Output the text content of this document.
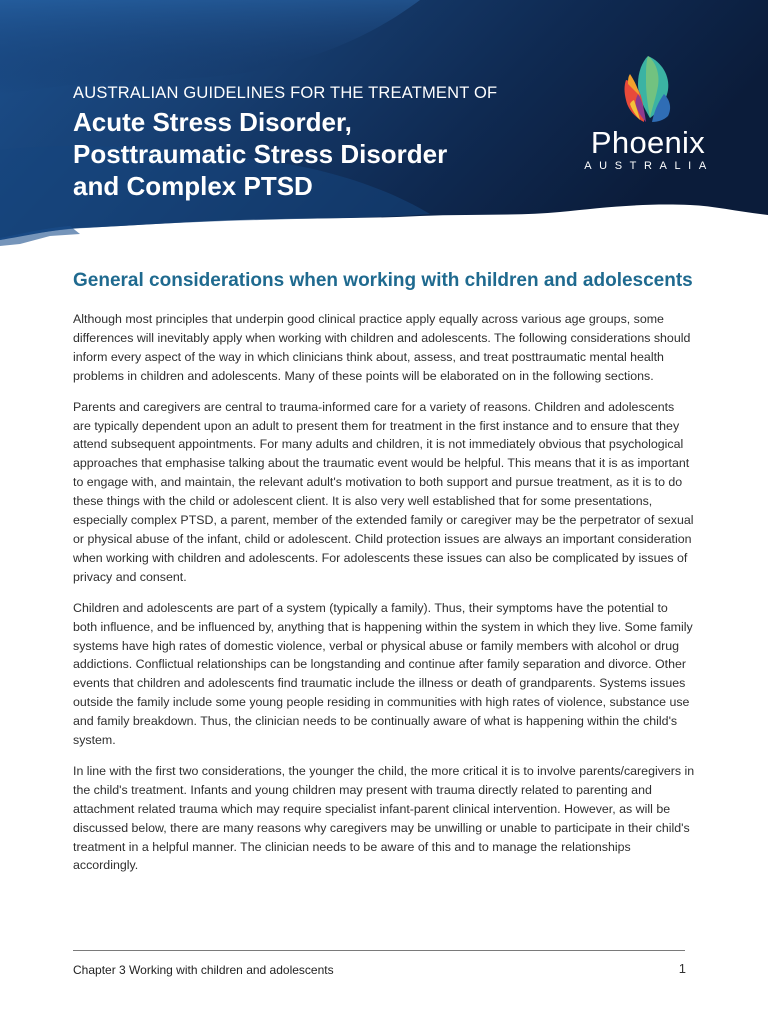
AUSTRALIAN GUIDELINES FOR THE TREATMENT OF
Acute Stress Disorder,
Posttraumatic Stress Disorder
and Complex PTSD
Phoenix
AUSTRALIA
General considerations when working with children and adolescents

Although most principles that underpin good clinical practice apply equally across various age groups, some differences will inevitably apply when working with children and adolescents. The following considerations should inform every aspect of the way in which clinicians think about, assess, and treat posttraumatic mental health problems in children and adolescents. Many of these points will be elaborated on in the following sections.

Parents and caregivers are central to trauma-informed care for a variety of reasons. Children and adolescents are typically dependent upon an adult to present them for treatment in the first instance and to ensure that they attend subsequent appointments. For many adults and children, it is not immediately obvious that psychological approaches that emphasise talking about the traumatic event would be helpful. This means that it is as important to engage with, and maintain, the relevant adult's motivation to both support and pursue treatment, as it is to do these things with the child or adolescent client. It is also very well established that for some presentations, especially complex PTSD, a parent, member of the extended family or caregiver may be the perpetrator of sexual or physical abuse of the infant, child or adolescent. Child protection issues are always an important consideration when working with children and adolescents. For adolescents these issues can also be complicated by issues of privacy and consent.

Children and adolescents are part of a system (typically a family). Thus, their symptoms have the potential to both influence, and be influenced by, anything that is happening within the system in which they live. Some family systems have high rates of domestic violence, verbal or physical abuse or family members with alcohol or drug addictions. Conflictual relationships can be longstanding and continue after family separation and divorce. Other events that children and adolescents find traumatic include the illness or death of grandparents. Systems issues outside the family include some young people residing in communities with high rates of violence, substance use and family breakdown. Thus, the clinician needs to be continually aware of what is happening within the child's system.

In line with the first two considerations, the younger the child, the more critical it is to involve parents/caregivers in the child's treatment. Infants and young children may present with trauma directly related to parenting and attachment related trauma which may require specialist infant-parent clinical intervention. However, as will be discussed below, there are many reasons why caregivers may be unwilling or unable to participate in their child's treatment in a helpful manner. The clinician needs to be aware of this and to manage the relationships accordingly.

Chapter 3 Working with children and adolescents	1
